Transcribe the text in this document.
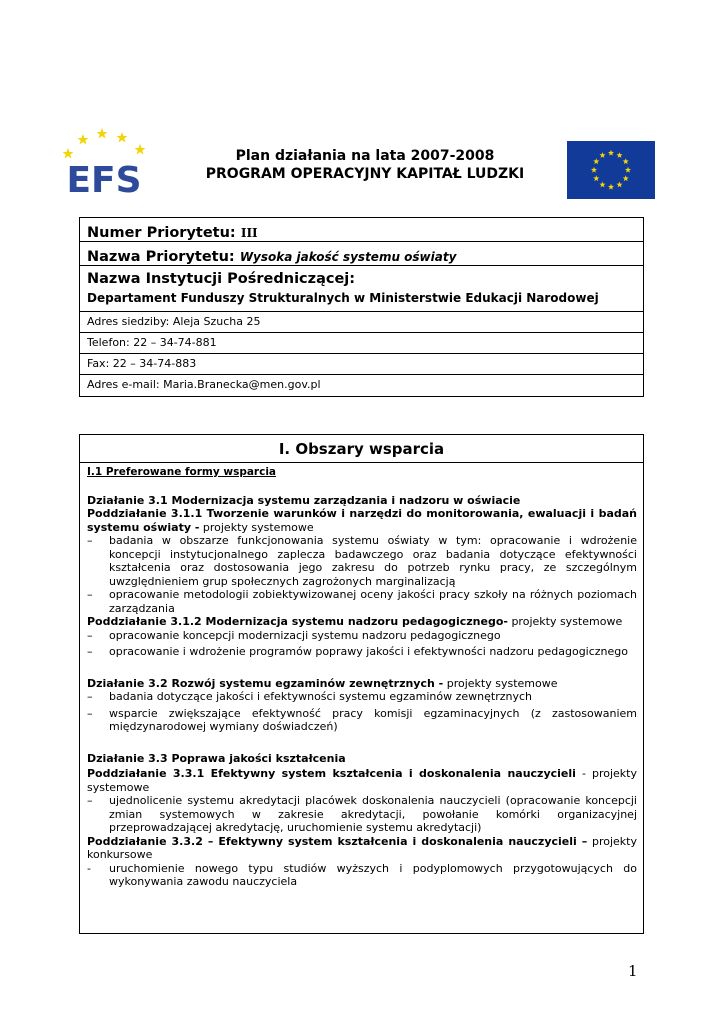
EFS
Plan działania na lata 2007-2008
PROGRAM OPERACYJNY KAPITAŁ LUDZKI
Numer Priorytetu: III
Nazwa Priorytetu: Wysoka jakość systemu oświaty
Nazwa Instytucji Pośredniczącej:
Departament Funduszy Strukturalnych w Ministerstwie Edukacji Narodowej
Adres siedziby: Aleja Szucha 25
Telefon: 22 – 34-74-881
Fax: 22 – 34-74-883
Adres e-mail: Maria.Branecka@men.gov.pl
I. Obszary wsparcia
I.1 Preferowane formy wsparcia

Działanie 3.1 Modernizacja systemu zarządzania i nadzoru w oświacie

Poddziałanie 3.1.1 Tworzenie warunków i narzędzi do monitorowania, ewaluacji i badań systemu oświaty - projekty systemowe

– badania w obszarze funkcjonowania systemu oświaty w tym: opracowanie i wdrożenie koncepcji instytucjonalnego zaplecza badawczego oraz badania dotyczące efektywności kształcenia oraz dostosowania jego zakresu do potrzeb rynku pracy, ze szczególnym uwzględnieniem grup społecznych zagrożonych marginalizacją
– opracowanie metodologii zobiektywizowanej oceny jakości pracy szkoły na różnych poziomach zarządzania

Poddziałanie 3.1.2 Modernizacja systemu nadzoru pedagogicznego- projekty systemowe

– opracowanie koncepcji modernizacji systemu nadzoru pedagogicznego
– opracowanie i wdrożenie programów poprawy jakości i efektywności nadzoru pedagogicznego

Działanie 3.2 Rozwój systemu egzaminów zewnętrznych - projekty systemowe

– badania dotyczące jakości i efektywności systemu egzaminów zewnętrznych
– wsparcie zwiększające efektywność pracy komisji egzaminacyjnych (z zastosowaniem międzynarodowej wymiany doświadczeń)

Działanie 3.3 Poprawa jakości kształcenia

Poddziałanie 3.3.1 Efektywny system kształcenia i doskonalenia nauczycieli - projekty systemowe

– ujednolicenie systemu akredytacji placówek doskonalenia nauczycieli (opracowanie koncepcji zmian systemowych w zakresie akredytacji, powołanie komórki organizacyjnej przeprowadzającej akredytację, uruchomienie systemu akredytacji)

Poddziałanie 3.3.2 – Efektywny system kształcenia i doskonalenia nauczycieli – projekty konkursowe

- uruchomienie nowego typu studiów wyższych i podyplomowych przygotowujących do wykonywania zawodu nauczyciela
1
